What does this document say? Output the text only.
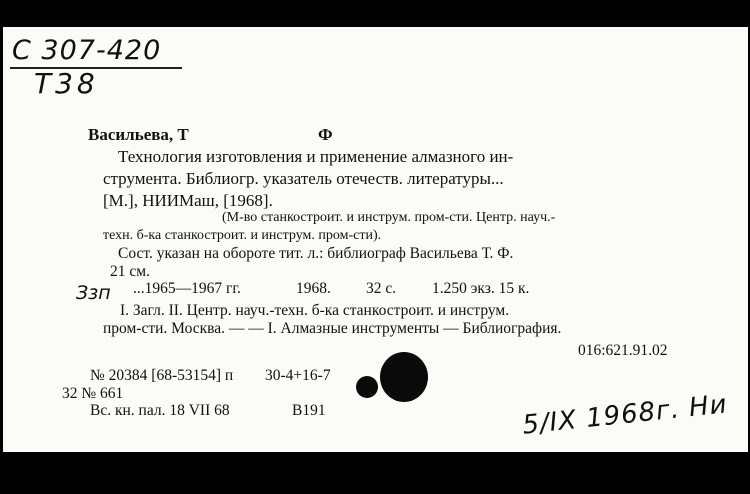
С 307-420
Т38
Васильева, Т	Ф
Технология изготовления и применение алмазного ин-
струмента. Библиогр. указатель отечеств. литературы...
[М.], НИИМаш, [1968].
(М-во станкостроит. и инструм. пром-сти. Центр. науч.-
техн. б-ка станкостроит. и инструм. пром-сти).
Сост. указан на обороте тит. л.: библиограф Васильева Т. Ф.
21 см.
Ззп ...1965—1967 гг.	1968. 32 с. 1.250 экз. 15 к.
I. Загл. II. Центр. науч.-техн. б-ка станкостроит. и инструм.
пром-сти. Москва. — — I. Алмазные инструменты — Библиография.
016:621.91.02
№ 20384 [68-53154] п 30-4+16-7
32 № 661
Вс. кн. пал. 18 VII 68	B191	5/IX 1968г. Ни
